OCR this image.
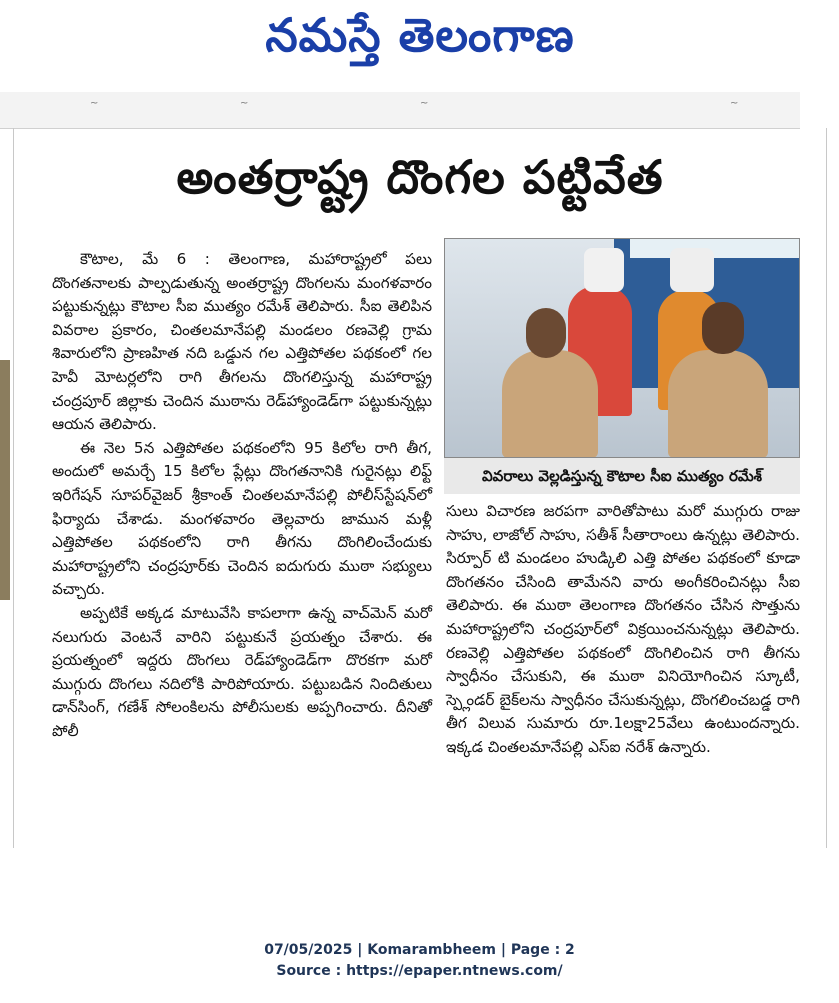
నమస్తే తెలంగాణ
~	~	~	~
అంతర్రాష్ట్ర దొంగల పట్టివేత

కౌటాల, మే 6 : తెలంగాణ, మహారాష్ట్రలో పలు దొంగతనాలకు పాల్పడుతున్న అంతర్రాష్ట్ర దొంగలను మంగళవారం పట్టుకున్నట్లు కౌటాల సీఐ ముత్యం రమేశ్ తెలిపారు. సీఐ తెలిపిన వివరాల ప్రకారం, చింతలమానేపల్లి మండలం రణవెల్లి గ్రామ శివారులోని ప్రాణహిత నది ఒడ్డున గల ఎత్తిపోతల పథకంలో గల హెవీ మోటర్లలోని రాగి తీగలను దొంగలిస్తున్న మహారాష్ట్ర చంద్రపూర్ జిల్లాకు చెందిన ముఠాను రెడ్‌హ్యాండెడ్‌గా పట్టుకున్నట్లు ఆయన తెలిపారు.

ఈ నెల 5న ఎత్తిపోతల పథకంలోని 95 కిలోల రాగి తీగ, అందులో అమర్చే 15 కిలోల ప్లేట్లు దొంగతనానికి గురైనట్లు లిఫ్ట్ ఇరిగేషన్ సూపర్‌వైజర్ శ్రీకాంత్ చింతలమానేపల్లి పోలీస్‌స్టేషన్‌లో ఫిర్యాదు చేశాడు. మంగళవారం తెల్లవారు జామున మళ్లీ ఎత్తిపోతల పథకంలోని రాగి తీగను దొంగిలించేందుకు మహారాష్ట్రలోని చంద్రపూర్‌కు చెందిన ఐదుగురు ముఠా సభ్యులు వచ్చారు.

అప్పటికే అక్కడ మాటువేసి కాపలాగా ఉన్న వాచ్‌మెన్ మరో నలుగురు వెంటనే వారిని పట్టుకునే ప్రయత్నం చేశారు. ఈ ప్రయత్నంలో ఇద్దరు దొంగలు రెడ్‌హ్యాండెడ్‌గా దొరకగా మరో ముగ్గురు దొంగలు నదిలోకి పారిపోయారు. పట్టుబడిన నిందితులు డాన్‌సింగ్, గణేశ్ సోలంకిలను పోలీసులకు అప్పగించారు. దీనితో పోలీ

వివరాలు వెల్లడిస్తున్న కౌటాల సీఐ ముత్యం రమేశ్

సులు విచారణ జరపగా వారితోపాటు మరో ముగ్గురు రాజు సాహు, లాజోల్ సాహు, సతీశ్ సీతారాంలు ఉన్నట్లు తెలిపారు. సిర్పూర్ టి మండలం హుడ్కిలి ఎత్తి పోతల పథకంలో కూడా దొంగతనం చేసింది తామేనని వారు అంగీకరించినట్లు సీఐ తెలిపారు. ఈ ముఠా తెలంగాణ దొంగతనం చేసిన సొత్తును మహారాష్ట్రలోని చంద్రపూర్‌లో విక్రయించనున్నట్లు తెలిపారు. రణవెల్లి ఎత్తిపోతల పథకంలో దొంగిలించిన రాగి తీగను స్వాధీనం చేసుకుని, ఈ ముఠా వినియోగించిన స్కూటీ, స్ప్లెండర్ బైక్‌లను స్వాధీనం చేసుకున్నట్లు, దొంగలించబడ్డ రాగి తీగ విలువ సుమారు రూ.1లక్షా25వేలు ఉంటుందన్నారు. ఇక్కడ చింతలమానేపల్లి ఎస్ఐ నరేశ్ ఉన్నారు.

07/05/2025 | Komarambheem | Page : 2
Source : https://epaper.ntnews.com/
